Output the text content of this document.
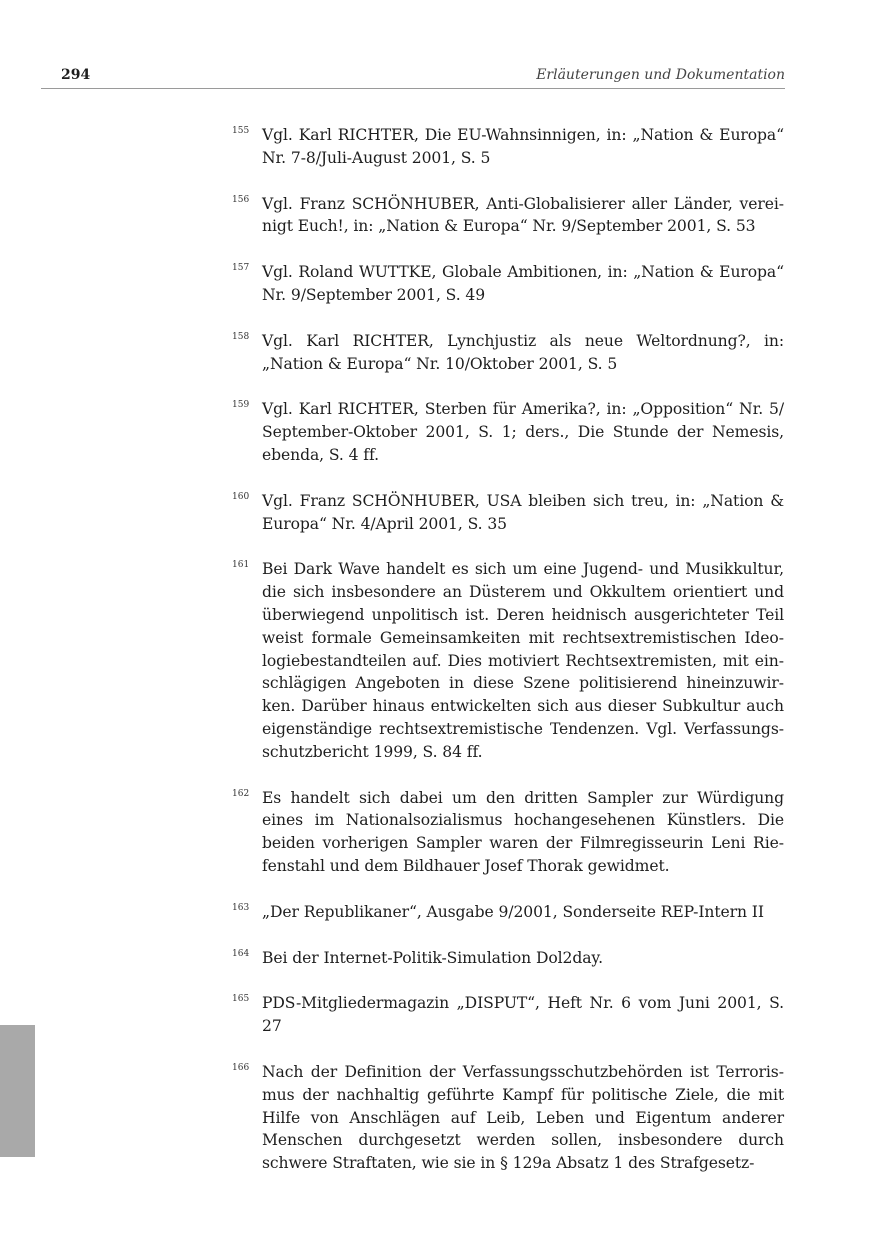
294	Erläuterungen und Dokumentation
155 Vgl. Karl RICHTER, Die EU-Wahnsinnigen, in: „Nation & Europa“ Nr. 7-8/Juli-August 2001, S. 5
156 Vgl. Franz SCHÖNHUBER, Anti-Globalisierer aller Länder, vereinigt Euch!, in: „Nation & Europa“ Nr. 9/September 2001, S. 53
157 Vgl. Roland WUTTKE, Globale Ambitionen, in: „Nation & Europa“ Nr. 9/September 2001, S. 49
158 Vgl. Karl RICHTER, Lynchjustiz als neue Weltordnung?, in: „Nation & Europa“ Nr. 10/Oktober 2001, S. 5
159 Vgl. Karl RICHTER, Sterben für Amerika?, in: „Opposition“ Nr. 5/​September-Oktober 2001, S. 1; ders., Die Stunde der Nemesis, ebenda, S. 4 ff.
160 Vgl. Franz SCHÖNHUBER, USA bleiben sich treu, in: „Nation & Europa“ Nr. 4/April 2001, S. 35
161 Bei Dark Wave handelt es sich um eine Jugend- und Musikkultur, die sich insbesondere an Düsterem und Okkultem orientiert und überwiegend unpolitisch ist. Deren heidnisch ausgerichteter Teil weist formale Gemeinsamkeiten mit rechtsextremistischen Ideologiebestandteilen auf. Dies motiviert Rechtsextremisten, mit einschlägigen Angeboten in diese Szene politisierend hineinzuwirken. Darüber hinaus entwickelten sich aus dieser Subkultur auch eigenständige rechtsextremistische Tendenzen. Vgl. Verfassungsschutzbericht 1999, S. 84 ff.
162 Es handelt sich dabei um den dritten Sampler zur Würdigung eines im Nationalsozialismus hochangesehenen Künstlers. Die beiden vorherigen Sampler waren der Filmregisseurin Leni Riefenstahl und dem Bildhauer Josef Thorak gewidmet.
163 „Der Republikaner“, Ausgabe 9/2001, Sonderseite REP-Intern II
164 Bei der Internet-Politik-Simulation Dol2day.
165 PDS-Mitgliedermagazin „DISPUT“, Heft Nr. 6 vom Juni 2001, S. 27
166 Nach der Definition der Verfassungsschutzbehörden ist Terrorismus der nachhaltig geführte Kampf für politische Ziele, die mit Hilfe von Anschlägen auf Leib, Leben und Eigentum anderer Menschen durchgesetzt werden sollen, insbesondere durch schwere Straftaten, wie sie in § 129a Absatz 1 des Strafgesetz-
